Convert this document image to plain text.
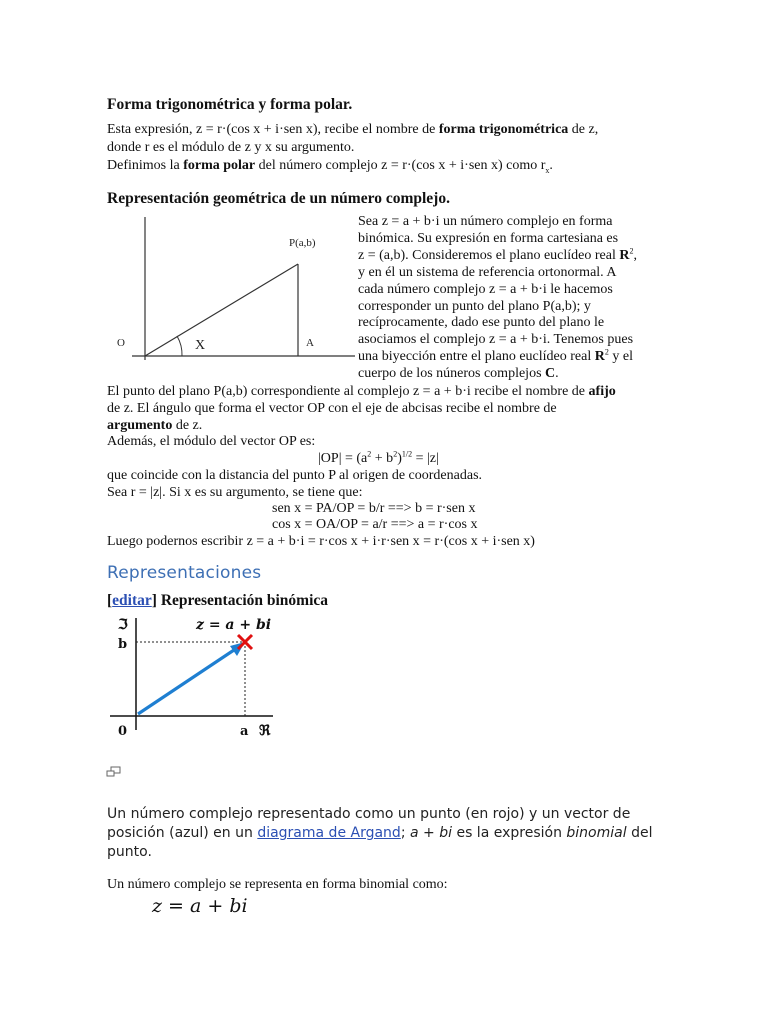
Forma trigonométrica y forma polar.
Esta expresión, z = r·(cos x + i·sen x), recibe el nombre de forma trigonométrica de z,
donde r es el módulo de z y x su argumento.
Definimos la forma polar del número complejo z = r·(cos x + i·sen x) como $r_x$.
Representación geométrica de un número complejo.
P(a,b)
O	X	A
Sea z = a + b·i un número complejo en forma
binómica. Su expresión en forma cartesiana es
z = (a,b). Consideremos el plano euclídeo real $R^2$,
y en él un sistema de referencia ortonormal. A
cada número complejo z = a + b·i le hacemos
corresponder un punto del plano P(a,b); y
recíprocamente, dado ese punto del plano le
asociamos el complejo z = a + b·i. Tenemos pues
una biyección entre el plano euclídeo real $R^2$ y el
cuerpo de los núneros complejos C.
El punto del plano P(a,b) correspondiente al complejo z = a + b·i recibe el nombre de afijo
de z. El ángulo que forma el vector OP con el eje de abcisas recibe el nombre de
argumento de z.
Además, el módulo del vector OP es:
$|OP| = (a^2 + b^2)^{1/2} = |z|$
que coincide con la distancia del punto P al origen de coordenadas.
Sea r = |z|. Si x es su argumento, se tiene que:
sen x = PA/OP = b/r ==> b = r·sen x
cos x = OA/OP = a/r ==> a = r·cos x
Luego podernos escribir z = a + b·i = r·cos x + i·r·sen x = r·(cos x + i·sen x)
Representaciones
[editar] Representación binómica
z = a + bi
ℑ
b
0	a ℜ
Un número complejo representado como un punto (en rojo) y un vector de
posición (azul) en un diagrama de Argand; a + bi es la expresión binomial del
punto.
Un número complejo se representa en forma binomial como:
z = a + bi
